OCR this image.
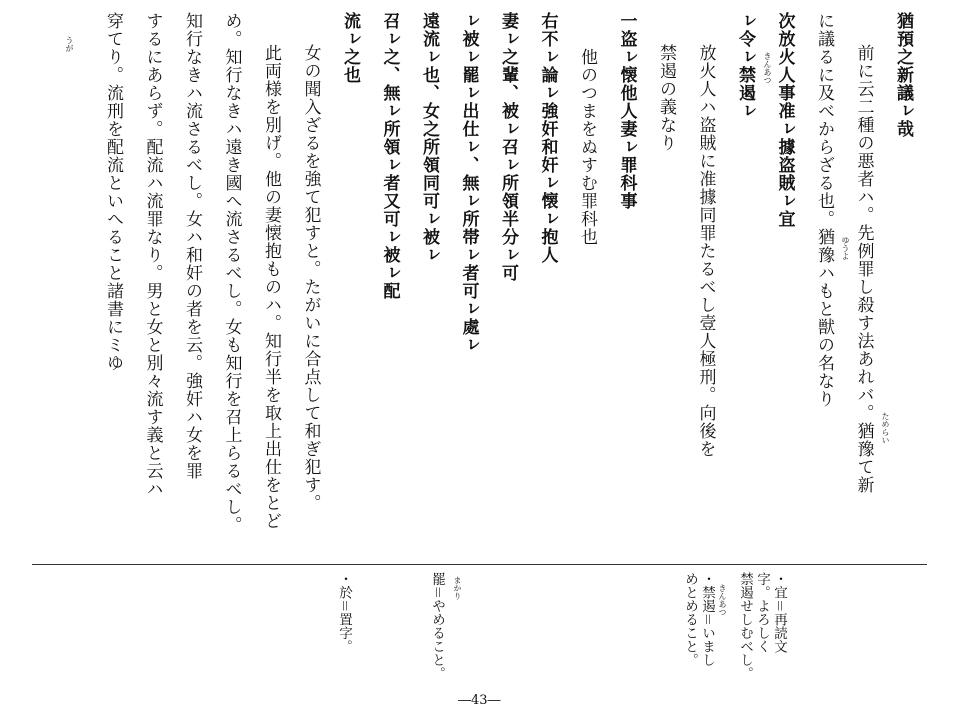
猶預之新議ㇾ哉

前に云二種の悪者ハ。先例罪し殺す法あれバ。猶豫て新

に議るに及べからざる也。猶豫ハもと獣の名なり

次放火人事准ㇾ據盗賊ㇾ宜

ㇾ令ㇾ禁遏ㇾ

放火人ハ盗賊に准據同罪たるべし壹人極刑。向後を

禁遏の義なり

一盗ㇾ懐他人妻ㇾ罪科事

他のつまをぬすむ罪科也

右不ㇾ論ㇾ強奸和奸ㇾ懐ㇾ抱人

妻ㇾ之輩、被ㇾ召ㇾ所領半分ㇾ可

ㇾ被ㇾ罷ㇾ出仕ㇾ、無ㇾ所帯ㇾ者可ㇾ處ㇾ

遠流ㇾ也、女之所領同可ㇾ被ㇾ

召ㇾ之、無ㇾ所領ㇾ者又可ㇾ被ㇾ配

流ㇾ之也

女の聞入ざるを強て犯すと。たがいに合点して和ぎ犯す。

此両様を別げ。他の妻懐抱ものハ。知行半を取上出仕をとど

め。知行なきハ遠き國へ流さるべし。女も知行を召上らるべし。

知行なきハ流さるべし。女ハ和奸の者を云。強奸ハ女を罪

するにあらず。配流ハ流罪なり。男と女と別々流す義と云ハ

穿てり。流刑を配流といへること諸書にミゆ

ためらい
ゆうよ
きんあつ
うが

・宜＝再読文

字。よろしく

禁遏せしむべし。

きんあつ

・禁遏＝いまし

めとめること。

まかり

罷＝やめること。

・於＝置字。

―43―
